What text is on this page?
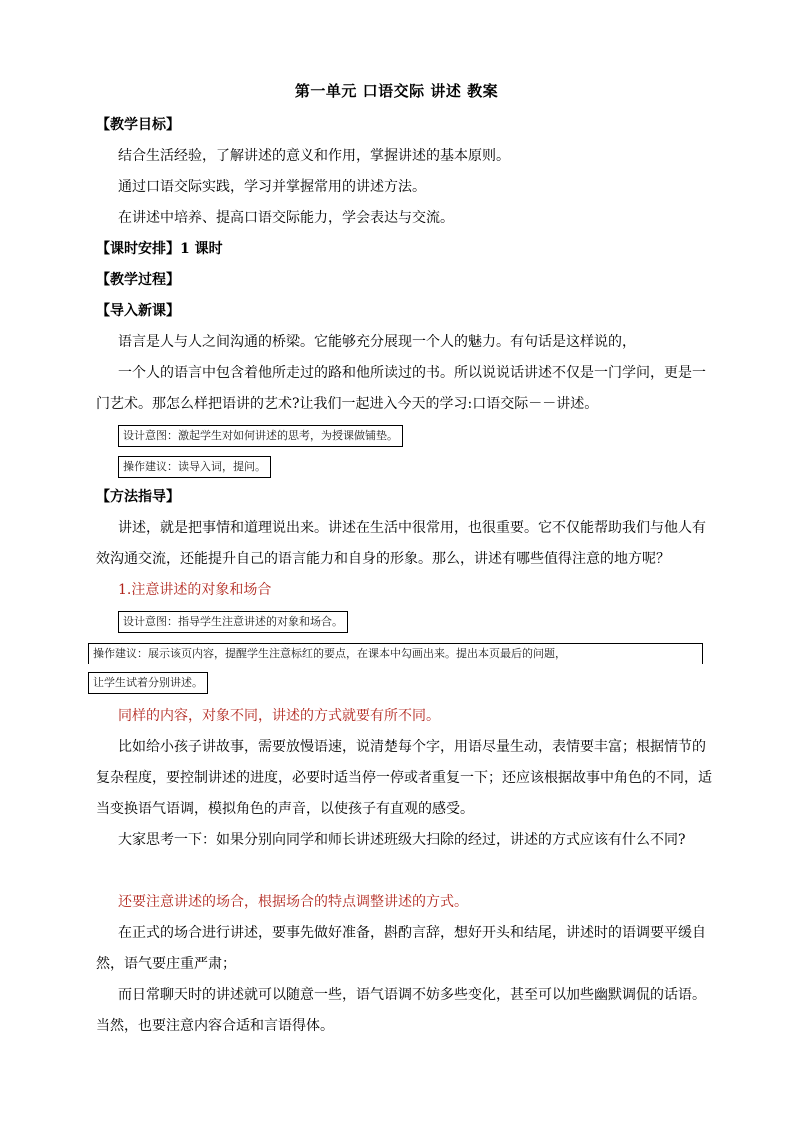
第一单元 口语交际 讲述 教案
【教学目标】
结合生活经验，了解讲述的意义和作用，掌握讲述的基本原则。
通过口语交际实践，学习并掌握常用的讲述方法。
在讲述中培养、提高口语交际能力，学会表达与交流。
【课时安排】1 课时
【教学过程】
【导入新课】
语言是人与人之间沟通的桥梁。它能够充分展现一个人的魅力。有句话是这样说的，
一个人的语言中包含着他所走过的路和他所读过的书。所以说说话讲述不仅是一门学问，更是一
门艺术。那怎么样把语讲的艺术?让我们一起进入今天的学习:口语交际－－讲述。
设计意图：激起学生对如何讲述的思考，为授课做铺垫。
操作建议：读导入词，提问。
【方法指导】
讲述，就是把事情和道理说出来。讲述在生活中很常用，也很重要。它不仅能帮助我们与他人有
效沟通交流，还能提升自己的语言能力和自身的形象。那么，讲述有哪些值得注意的地方呢？
1.注意讲述的对象和场合
设计意图：指导学生注意讲述的对象和场合。
操作建议：展示该页内容，提醒学生注意标红的要点，在课本中勾画出来。提出本页最后的问题，
让学生试着分别讲述。
同样的内容，对象不同，讲述的方式就要有所不同。
比如给小孩子讲故事，需要放慢语速，说清楚每个字，用语尽量生动，表情要丰富；根据情节的
复杂程度，要控制讲述的进度，必要时适当停一停或者重复一下；还应该根据故事中角色的不同，适
当变换语气语调，模拟角色的声音，以使孩子有直观的感受。
大家思考一下：如果分别向同学和师长讲述班级大扫除的经过，讲述的方式应该有什么不同?
还要注意讲述的场合，根据场合的特点调整讲述的方式。
在正式的场合进行讲述，要事先做好准备，斟酌言辞，想好开头和结尾，讲述时的语调要平缓自
然，语气要庄重严肃；
而日常聊天时的讲述就可以随意一些，语气语调不妨多些变化，甚至可以加些幽默调侃的话语。
当然，也要注意内容合适和言语得体。
